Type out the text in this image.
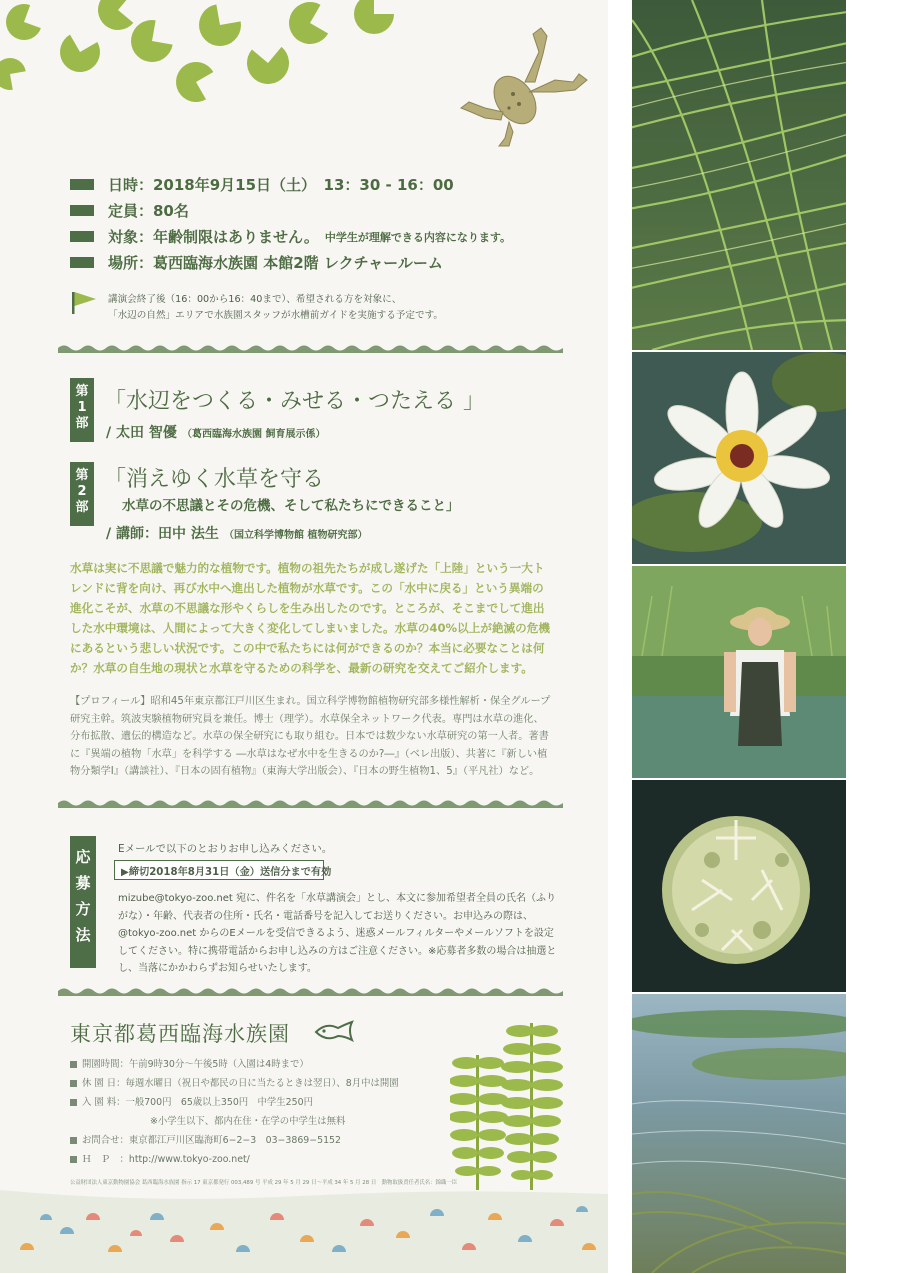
日時：2018年9月15日（土）　13：30 - 16：00
定員：80名
対象：年齢制限はありません。 中学生が理解できる内容になります。
場所：葛西臨海水族園 本館2階 レクチャールーム
講演会終了後（16：00から16：40まで）、希望される方を対象に、
「水辺の自然」エリアで水族園スタッフが水槽前ガイドを実施する予定です。
第1部
「水辺をつくる・みせる・つたえる 」
/ 太田 智優 （葛西臨海水族園 飼育展示係）
第2部
「消えゆく水草を守る
水草の不思議とその危機、そして私たちにできること」
/ 講師：田中 法生 （国立科学博物館 植物研究部）
水草は実に不思議で魅力的な植物です。植物の祖先たちが成し遂げた「上陸」という一大トレンドに背を向け、再び水中へ進出した植物が水草です。この「水中に戻る」という異端の進化こそが、水草の不思議な形やくらしを生み出したのです。ところが、そこまでして進出した水中環境は、人間によって大きく変化してしまいました。水草の40%以上が絶滅の危機にあるという悲しい状況です。この中で私たちには何ができるのか？本当に必要なことは何か？水草の自生地の現状と水草を守るための科学を、最新の研究を交えてご紹介します。
【プロフィール】昭和45年東京都江戸川区生まれ。国立科学博物館植物研究部多様性解析・保全グループ研究主幹。筑波実験植物研究員を兼任。博士（理学）。水草保全ネットワーク代表。専門は水草の進化、分布拡散、遺伝的構造など。水草の保全研究にも取り組む。日本では数少ない水草研究の第一人者。著書に『異端の植物「水草」を科学する ―水草はなぜ水中を生きるのか?―』（ベレ出版）、共著に『新しい植物分類学Ⅰ』（講談社）、『日本の固有植物』（東海大学出版会）、『日本の野生植物1、5』（平凡社）など。
応募方法
Eメールで以下のとおりお申し込みください。
▶締切2018年8月31日（金）送信分まで有効
mizube@tokyo-zoo.net 宛に、件名を「水草講演会」とし、本文に参加希望者全員の氏名（ふりがな）・年齢、代表者の住所・氏名・電話番号を記入してお送りください。お申込みの際は、@tokyo-zoo.net からのEメールを受信できるよう、迷惑メールフィルターやメールソフトを設定してください。特に携帯電話からお申し込みの方はご注意ください。※応募者多数の場合は抽選とし、当落にかかわらずお知らせいたします。
東京都葛西臨海水族園
開園時間：午前9時30分〜午後5時（入園は4時まで）
休 園 日：毎週水曜日（祝日や都民の日に当たるときは翌日）、8月中は開園
入 園 料：一般700円　65歳以上350円　中学生250円
※小学生以下、都内在住・在学の中学生は無料
お問合せ：東京都江戸川区臨海町6−2−3　03−3869−5152
Ｈ　Ｐ　：http://www.tokyo-zoo.net/
公益財団法人東京動物園協会 葛西臨海水族園 指示 17 東京都発行 003,489 号 平成 29 年 5 月 29 日〜平成 34 年 5 月 28 日　動物取扱責任者氏名：錦織一臣
